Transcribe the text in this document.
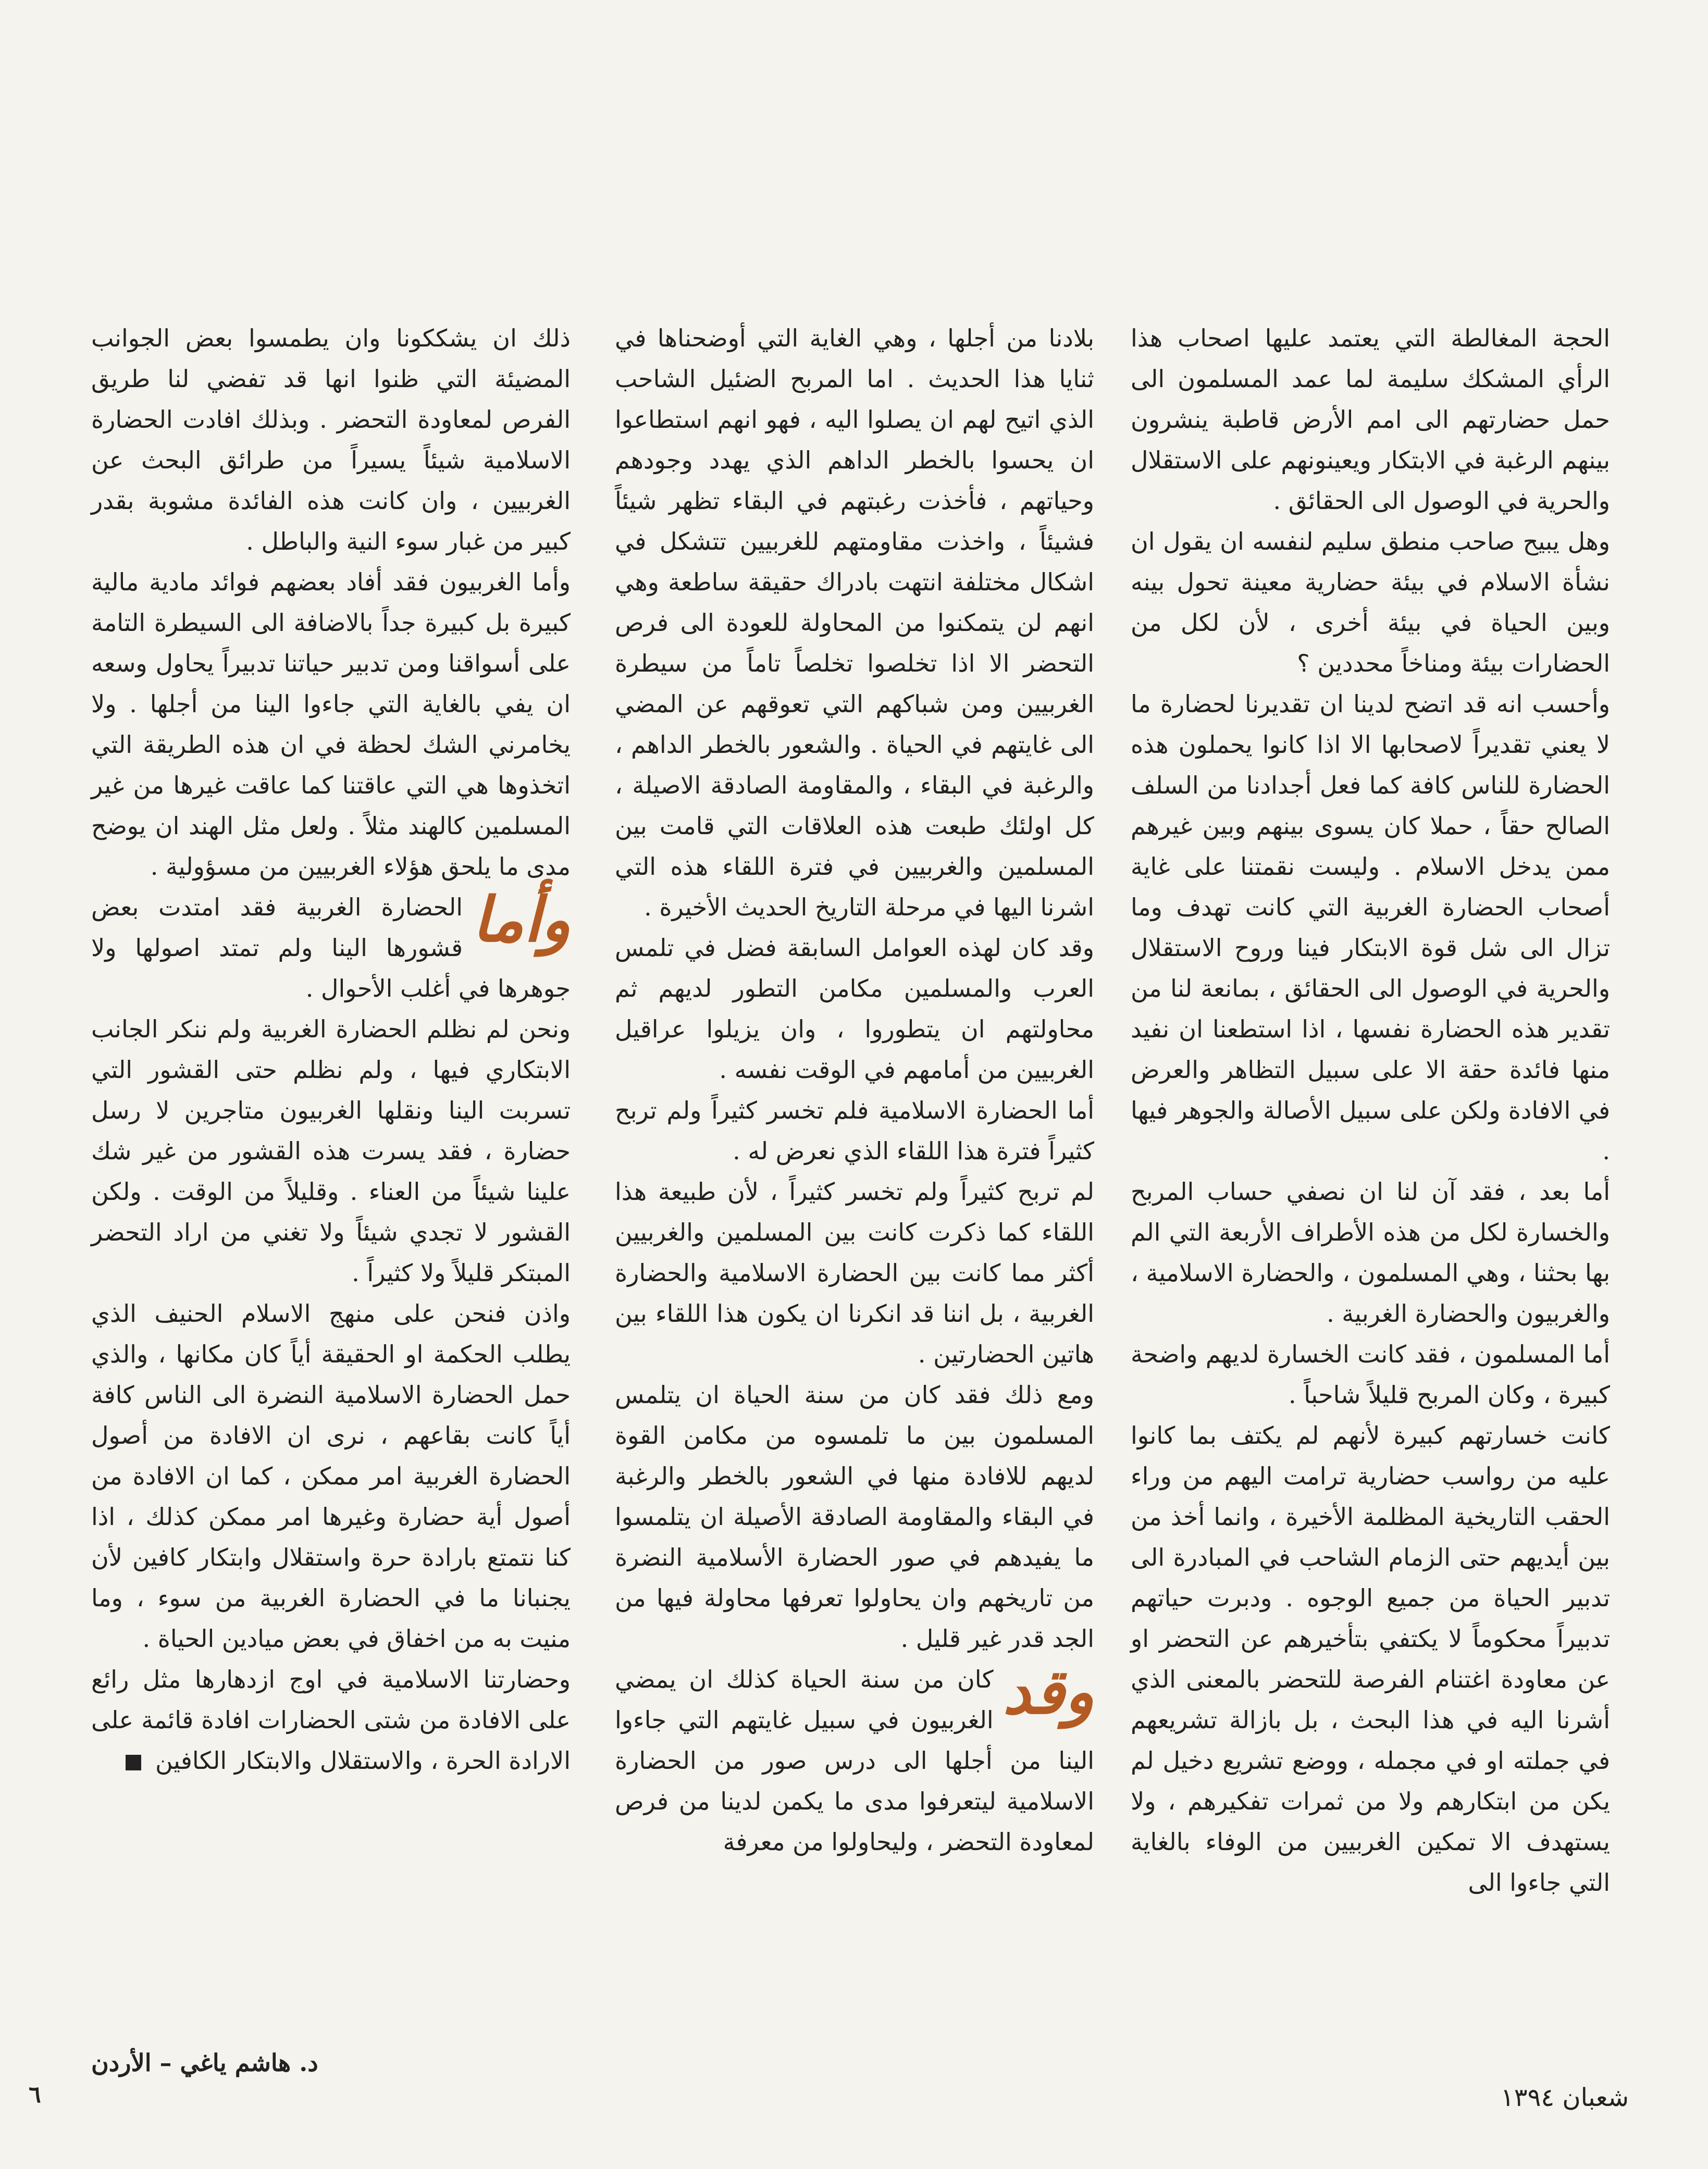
الحجة المغالطة التي يعتمد عليها اصحاب هذا الرأي المشكك سليمة لما عمد المسلمون الى حمل حضارتهم الى امم الأرض قاطبة ينشرون بينهم الرغبة في الابتكار ويعينونهم على الاستقلال والحرية في الوصول الى الحقائق .

وهل يبيح صاحب منطق سليم لنفسه ان يقول ان نشأة الاسلام في بيئة حضارية معينة تحول بينه وبين الحياة في بيئة أخرى ، لأن لكل من الحضارات بيئة ومناخاً محددين ؟

وأحسب انه قد اتضح لدينا ان تقديرنا لحضارة ما لا يعني تقديراً لاصحابها الا اذا كانوا يحملون هذه الحضارة للناس كافة كما فعل أجدادنا من السلف الصالح حقاً ، حملا كان يسوى بينهم وبين غيرهم ممن يدخل الاسلام . وليست نقمتنا على غاية أصحاب الحضارة الغربية التي كانت تهدف وما تزال الى شل قوة الابتكار فينا وروح الاستقلال والحرية في الوصول الى الحقائق ، بمانعة لنا من تقدير هذه الحضارة نفسها ، اذا استطعنا ان نفيد منها فائدة حقة الا على سبيل التظاهر والعرض في الافادة ولكن على سبيل الأصالة والجوهر فيها .

أما بعد ، فقد آن لنا ان نصفي حساب المربح والخسارة لكل من هذه الأطراف الأربعة التي الم بها بحثنا ، وهي المسلمون ، والحضارة الاسلامية ، والغربيون والحضارة الغربية .

أما المسلمون ، فقد كانت الخسارة لديهم واضحة كبيرة ، وكان المربح قليلاً شاحباً .

كانت خسارتهم كبيرة لأنهم لم يكتف بما كانوا عليه من رواسب حضارية ترامت اليهم من وراء الحقب التاريخية المظلمة الأخيرة ، وانما أخذ من بين أيديهم حتى الزمام الشاحب في المبادرة الى تدبير الحياة من جميع الوجوه . ودبرت حياتهم تدبيراً محكوماً لا يكتفي بتأخيرهم عن التحضر او عن معاودة اغتنام الفرصة للتحضر بالمعنى الذي أشرنا اليه في هذا البحث ، بل بازالة تشريعهم في جملته او في مجمله ، ووضع تشريع دخيل لم يكن من ابتكارهم ولا من ثمرات تفكيرهم ، ولا يستهدف الا تمكين الغربيين من الوفاء بالغاية التي جاءوا الى

بلادنا من أجلها ، وهي الغاية التي أوضحناها في ثنايا هذا الحديث . اما المربح الضئيل الشاحب الذي اتيح لهم ان يصلوا اليه ، فهو انهم استطاعوا ان يحسوا بالخطر الداهم الذي يهدد وجودهم وحياتهم ، فأخذت رغبتهم في البقاء تظهر شيئاً فشيئاً ، واخذت مقاومتهم للغربيين تتشكل في اشكال مختلفة انتهت بادراك حقيقة ساطعة وهي انهم لن يتمكنوا من المحاولة للعودة الى فرص التحضر الا اذا تخلصوا تخلصاً تاماً من سيطرة الغربيين ومن شباكهم التي تعوقهم عن المضي الى غايتهم في الحياة . والشعور بالخطر الداهم ، والرغبة في البقاء ، والمقاومة الصادقة الاصيلة ، كل اولئك طبعت هذه العلاقات التي قامت بين المسلمين والغربيين في فترة اللقاء هذه التي اشرنا اليها في مرحلة التاريخ الحديث الأخيرة .

وقد كان لهذه العوامل السابقة فضل في تلمس العرب والمسلمين مكامن التطور لديهم ثم محاولتهم ان يتطوروا ، وان يزيلوا عراقيل الغربيين من أمامهم في الوقت نفسه .

أما الحضارة الاسلامية فلم تخسر كثيراً ولم تربح كثيراً فترة هذا اللقاء الذي نعرض له .

لم تربح كثيراً ولم تخسر كثيراً ، لأن طبيعة هذا اللقاء كما ذكرت كانت بين المسلمين والغربيين أكثر مما كانت بين الحضارة الاسلامية والحضارة الغربية ، بل اننا قد انكرنا ان يكون هذا اللقاء بين هاتين الحضارتين .

ومع ذلك فقد كان من سنة الحياة ان يتلمس المسلمون بين ما تلمسوه من مكامن القوة لديهم للافادة منها في الشعور بالخطر والرغبة في البقاء والمقاومة الصادقة الأصيلة ان يتلمسوا ما يفيدهم في صور الحضارة الأسلامية النضرة من تاريخهم وان يحاولوا تعرفها محاولة فيها من الجد قدر غير قليل .

وقد
كان من سنة الحياة كذلك ان يمضي الغربيون في سبيل غايتهم التي جاءوا الينا من أجلها الى درس صور من الحضارة الاسلامية ليتعرفوا مدى ما يكمن لدينا من فرص لمعاودة التحضر ، وليحاولوا من معرفة

ذلك ان يشككونا وان يطمسوا بعض الجوانب المضيئة التي ظنوا انها قد تفضي لنا طريق الفرص لمعاودة التحضر . وبذلك افادت الحضارة الاسلامية شيئاً يسيراً من طرائق البحث عن الغربيين ، وان كانت هذه الفائدة مشوبة بقدر كبير من غبار سوء النية والباطل .

وأما الغربيون فقد أفاد بعضهم فوائد مادية مالية كبيرة بل كبيرة جداً بالاضافة الى السيطرة التامة على أسواقنا ومن تدبير حياتنا تدبيراً يحاول وسعه ان يفي بالغاية التي جاءوا الينا من أجلها . ولا يخامرني الشك لحظة في ان هذه الطريقة التي اتخذوها هي التي عاقتنا كما عاقت غيرها من غير المسلمين كالهند مثلاً . ولعل مثل الهند ان يوضح مدى ما يلحق هؤلاء الغربيين من مسؤولية .

وأما
الحضارة الغربية فقد امتدت بعض قشورها الينا ولم تمتد اصولها ولا جوهرها في أغلب الأحوال .

ونحن لم نظلم الحضارة الغربية ولم ننكر الجانب الابتكاري فيها ، ولم نظلم حتى القشور التي تسربت الينا ونقلها الغربيون متاجرين لا رسل حضارة ، فقد يسرت هذه القشور من غير شك علينا شيئاً من العناء . وقليلاً من الوقت . ولكن القشور لا تجدي شيئاً ولا تغني من اراد التحضر المبتكر قليلاً ولا كثيراً .

واذن فنحن على منهج الاسلام الحنيف الذي يطلب الحكمة او الحقيقة أياً كان مكانها ، والذي حمل الحضارة الاسلامية النضرة الى الناس كافة أياً كانت بقاعهم ، نرى ان الافادة من أصول الحضارة الغربية امر ممكن ، كما ان الافادة من أصول أية حضارة وغيرها امر ممكن كذلك ، اذا كنا نتمتع بارادة حرة واستقلال وابتكار كافين لأن يجنبانا ما في الحضارة الغربية من سوء ، وما منيت به من اخفاق في بعض ميادين الحياة .

وحضارتنا الاسلامية في اوج ازدهارها مثل رائع على الافادة من شتى الحضارات افادة قائمة على الارادة الحرة ، والاستقلال والابتكار الكافين

د. هاشم ياغي – الأردن
٦	شعبان ١٣٩٤
